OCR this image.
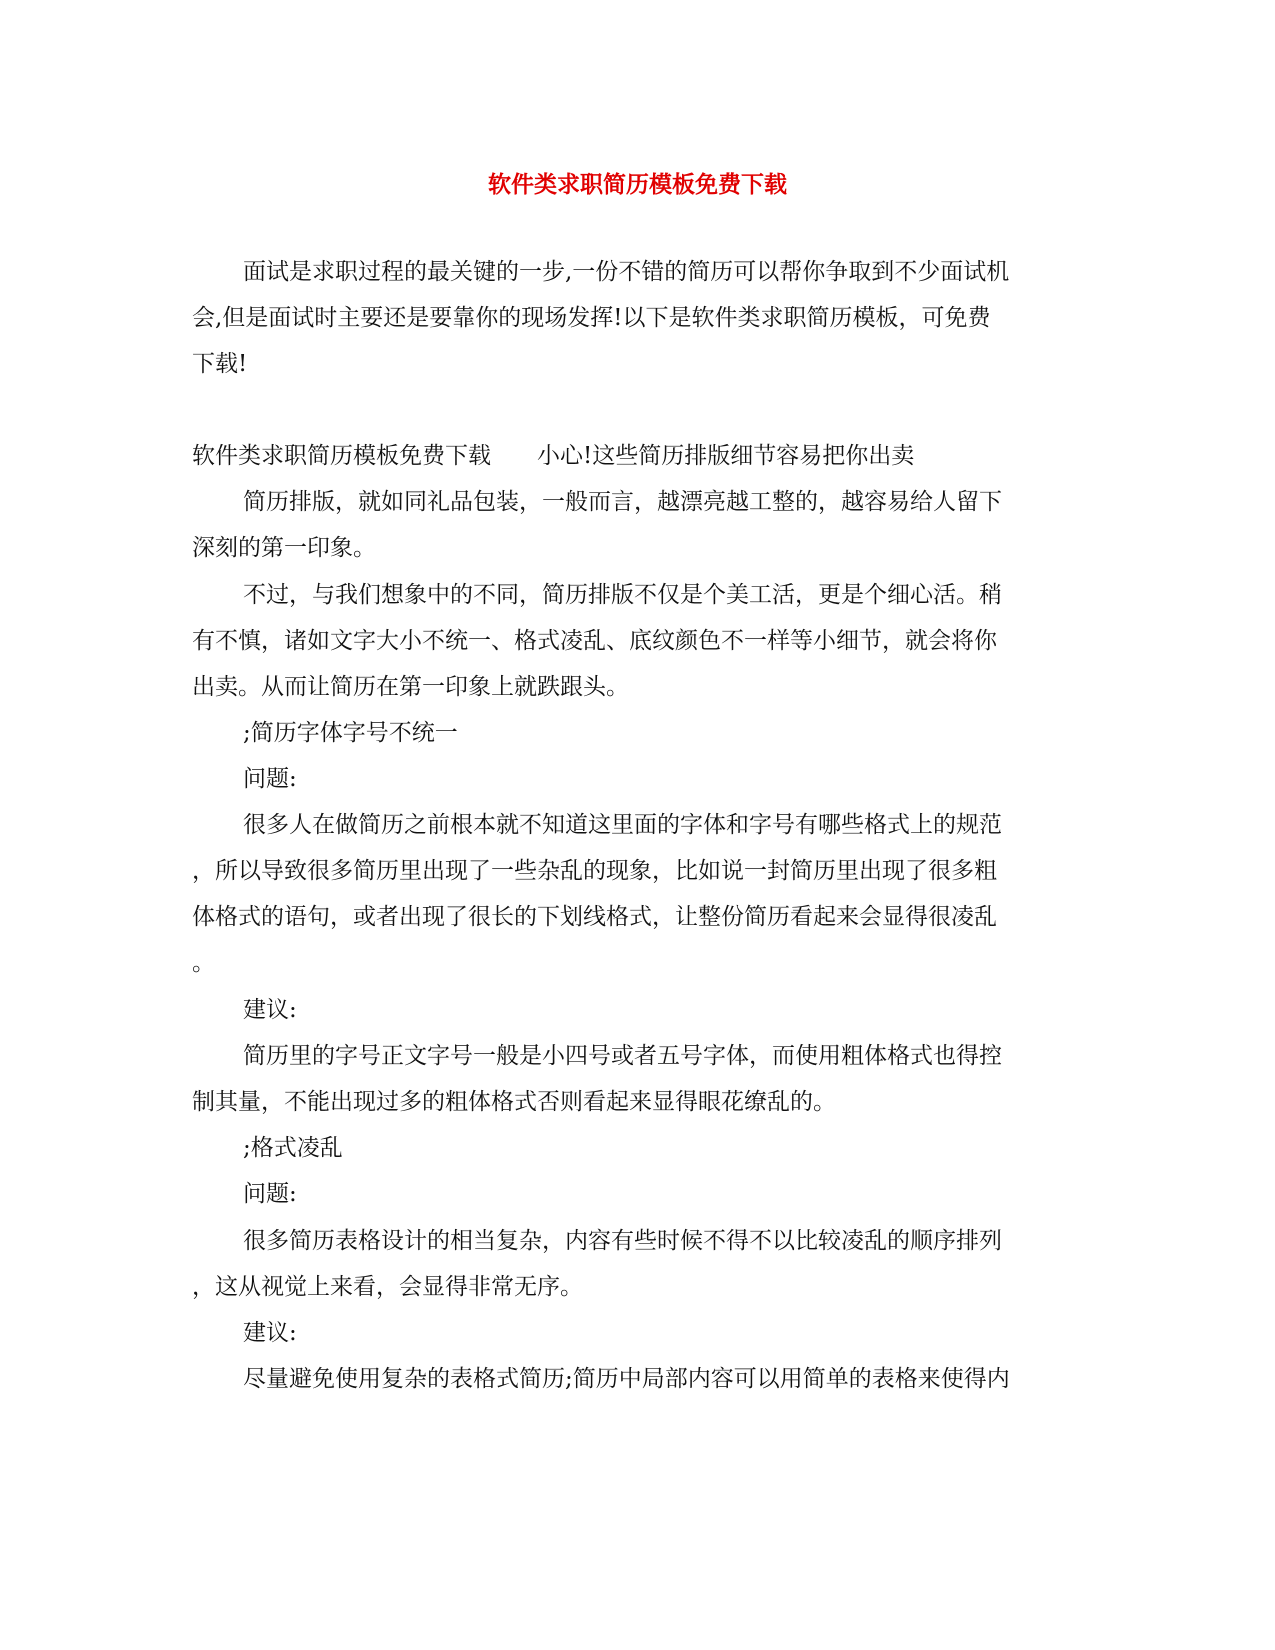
软件类求职简历模板免费下载
面试是求职过程的最关键的一步,一份不错的简历可以帮你争取到不少面试机
会,但是面试时主要还是要靠你的现场发挥!以下是软件类求职简历模板，可免费
下载!
软件类求职简历模板免费下载　　小心!这些简历排版细节容易把你出卖
简历排版，就如同礼品包装，一般而言，越漂亮越工整的，越容易给人留下
深刻的第一印象。
不过，与我们想象中的不同，简历排版不仅是个美工活，更是个细心活。稍
有不慎，诸如文字大小不统一、格式凌乱、底纹颜色不一样等小细节，就会将你
出卖。从而让简历在第一印象上就跌跟头。
;简历字体字号不统一
问题:
很多人在做简历之前根本就不知道这里面的字体和字号有哪些格式上的规范
，所以导致很多简历里出现了一些杂乱的现象，比如说一封简历里出现了很多粗
体格式的语句，或者出现了很长的下划线格式，让整份简历看起来会显得很凌乱
。
建议:
简历里的字号正文字号一般是小四号或者五号字体，而使用粗体格式也得控
制其量，不能出现过多的粗体格式否则看起来显得眼花缭乱的。
;格式凌乱
问题:
很多简历表格设计的相当复杂，内容有些时候不得不以比较凌乱的顺序排列
，这从视觉上来看，会显得非常无序。
建议:
尽量避免使用复杂的表格式简历;简历中局部内容可以用简单的表格来使得内
